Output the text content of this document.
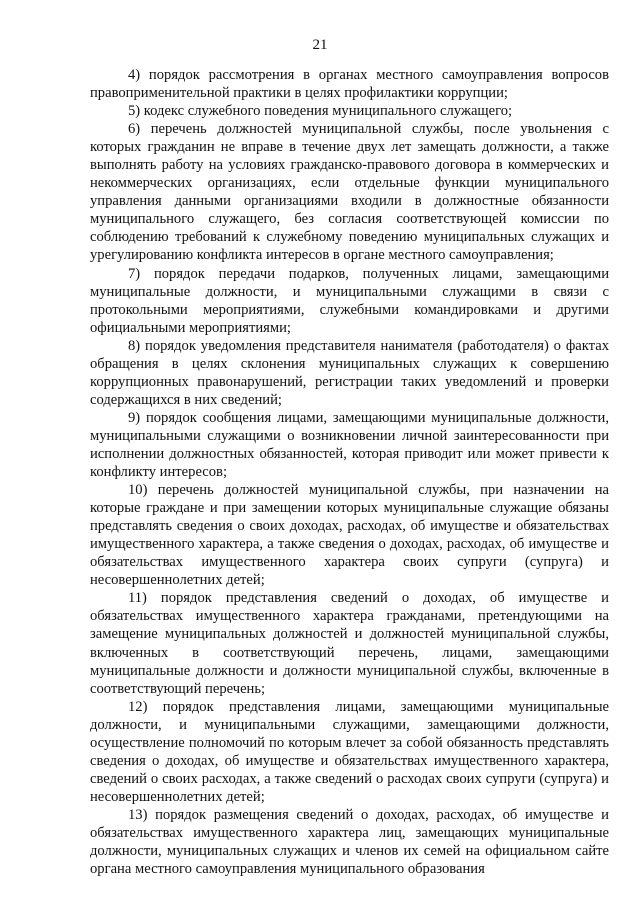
21

4) порядок рассмотрения в органах местного самоуправления вопросов правоприменительной практики в целях профилактики коррупции;

5) кодекс служебного поведения муниципального служащего;

6) перечень должностей муниципальной службы, после увольнения с которых гражданин не вправе в течение двух лет замещать должности, а также выполнять работу на условиях гражданско-правового договора в коммерческих и некоммерческих организациях, если отдельные функции муниципального управления данными организациями входили в должностные обязанности муниципального служащего, без согласия соответствующей комиссии по соблюдению требований к служебному поведению муниципальных служащих и урегулированию конфликта интересов в органе местного самоуправления;

7) порядок передачи подарков, полученных лицами, замещающими муниципальные должности, и муниципальными служащими в связи с протокольными мероприятиями, служебными командировками и другими официальными мероприятиями;

8) порядок уведомления представителя нанимателя (работодателя) о фактах обращения в целях склонения муниципальных служащих к совершению коррупционных правонарушений, регистрации таких уведомлений и проверки содержащихся в них сведений;

9) порядок сообщения лицами, замещающими муниципальные должности, муниципальными служащими о возникновении личной заинтересованности при исполнении должностных обязанностей, которая приводит или может привести к конфликту интересов;

10) перечень должностей муниципальной службы, при назначении на которые граждане и при замещении которых муниципальные служащие обязаны представлять сведения о своих доходах, расходах, об имуществе и обязательствах имущественного характера, а также сведения о доходах, расходах, об имуществе и обязательствах имущественного характера своих супруги (супруга) и несовершеннолетних детей;

11) порядок представления сведений о доходах, об имуществе и обязательствах имущественного характера гражданами, претендующими на замещение муниципальных должностей и должностей муниципальной службы, включенных в соответствующий перечень, лицами, замещающими муниципальные должности и должности муниципальной службы, включенные в соответствующий перечень;

12) порядок представления лицами, замещающими муниципальные должности, и муниципальными служащими, замещающими должности, осуществление полномочий по которым влечет за собой обязанность представлять сведения о доходах, об имуществе и обязательствах имущественного характера, сведений о своих расходах, а также сведений о расходах своих супруги (супруга) и несовершеннолетних детей;

13) порядок размещения сведений о доходах, расходах, об имуществе и обязательствах имущественного характера лиц, замещающих муниципальные должности, муниципальных служащих и членов их семей на официальном сайте органа местного самоуправления муниципального образования
